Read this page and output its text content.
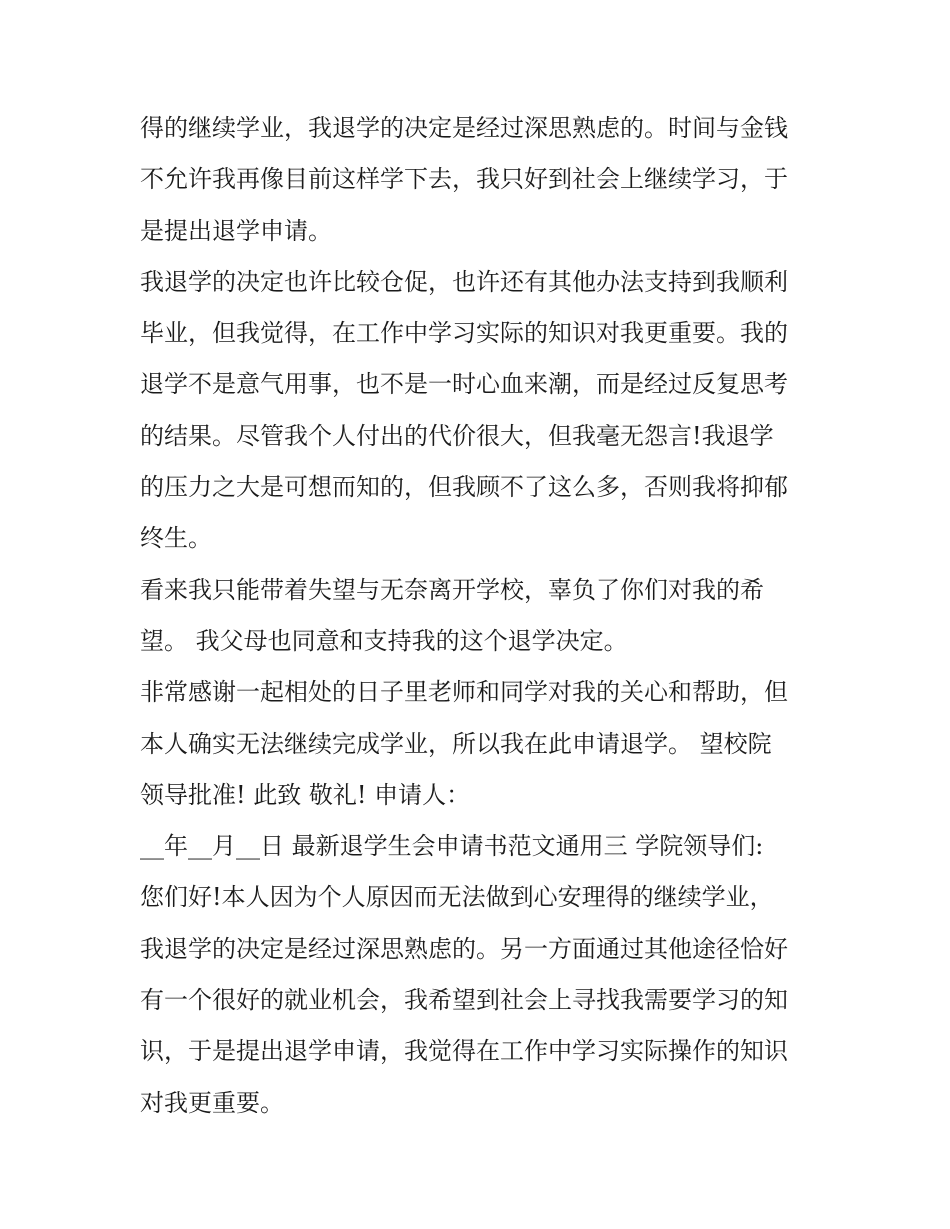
得的继续学业，我退学的决定是经过深思熟虑的。时间与金钱
不允许我再像目前这样学下去，我只好到社会上继续学习，于
是提出退学申请。
我退学的决定也许比较仓促，也许还有其他办法支持到我顺利
毕业，但我觉得，在工作中学习实际的知识对我更重要。我的
退学不是意气用事，也不是一时心血来潮，而是经过反复思考
的结果。尽管我个人付出的代价很大，但我毫无怨言!我退学
的压力之大是可想而知的，但我顾不了这么多，否则我将抑郁
终生。
看来我只能带着失望与无奈离开学校，辜负了你们对我的希
望。 我父母也同意和支持我的这个退学决定。
非常感谢一起相处的日子里老师和同学对我的关心和帮助，但
本人确实无法继续完成学业，所以我在此申请退学。 望校院
领导批准! 此致 敬礼! 申请人：
__年__月__日 最新退学生会申请书范文通用三 学院领导们:
您们好!本人因为个人原因而无法做到心安理得的继续学业，
我退学的决定是经过深思熟虑的。另一方面通过其他途径恰好
有一个很好的就业机会，我希望到社会上寻找我需要学习的知
识，于是提出退学申请，我觉得在工作中学习实际操作的知识
对我更重要。
